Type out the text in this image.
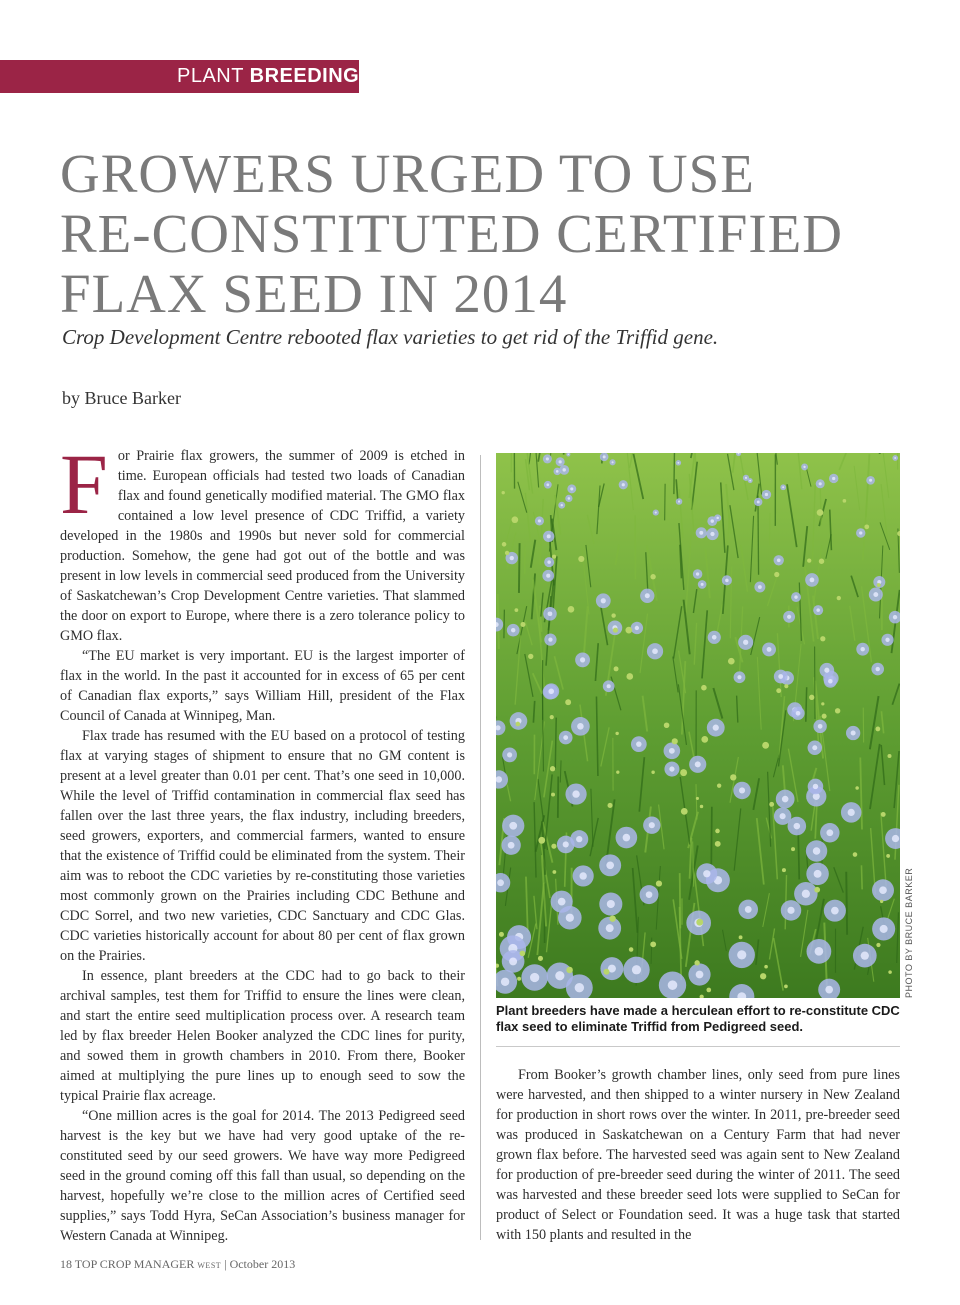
PLANT BREEDING
GROWERS URGED TO USE
RE-CONSTITUTED CERTIFIED
FLAX SEED IN 2014
Crop Development Centre rebooted flax varieties to get rid of the Triffid gene.
by Bruce Barker

F or Prairie flax growers, the summer of 2009 is etched in time. European officials had tested two loads of Canadian flax and found genetically modified material. The GMO flax contained a low level presence of CDC Triffid, a variety developed in the 1980s and 1990s but never sold for commercial production. Somehow, the gene had got out of the bottle and was present in low levels in commercial seed produced from the University of Saskatchewan’s Crop Development Centre varieties. That slammed the door on export to Europe, where there is a zero tolerance policy to GMO flax.

“The EU market is very important. EU is the largest importer of flax in the world. In the past it accounted for in excess of 65 per cent of Canadian flax exports,” says William Hill, president of the Flax Council of Canada at Winnipeg, Man.

Flax trade has resumed with the EU based on a protocol of testing flax at varying stages of shipment to ensure that no GM content is present at a level greater than 0.01 per cent. That’s one seed in 10,000. While the level of Triffid contamination in commercial flax seed has fallen over the last three years, the flax industry, including breeders, seed growers, exporters, and commercial farmers, wanted to ensure that the existence of Triffid could be eliminated from the system. Their aim was to reboot the CDC varieties by re-constituting those varieties most commonly grown on the Prairies including CDC Bethune and CDC Sorrel, and two new varieties, CDC Sanctuary and CDC Glas. CDC varieties historically account for about 80 per cent of flax grown on the Prairies.

In essence, plant breeders at the CDC had to go back to their archival samples, test them for Triffid to ensure the lines were clean, and start the entire seed multiplication process over. A research team led by flax breeder Helen Booker analyzed the CDC lines for purity, and sowed them in growth chambers in 2010. From there, Booker aimed at multiplying the pure lines up to enough seed to sow the typical Prairie flax acreage.

“One million acres is the goal for 2014. The 2013 Pedigreed seed harvest is the key but we have had very good uptake of the re-constituted seed by our seed growers. We have way more Pedigreed seed in the ground coming off this fall than usual, so depending on the harvest, hopefully we’re close to the million acres of Certified seed supplies,” says Todd Hyra, SeCan Association’s business manager for Western Canada at Winnipeg.

PHOTO BY BRUCE BARKER
Plant breeders have made a herculean effort to re-constitute CDC flax seed to eliminate Triffid from Pedigreed seed.

From Booker’s growth chamber lines, only seed from pure lines were harvested, and then shipped to a winter nursery in New Zealand for production in short rows over the winter. In 2011, pre-breeder seed was produced in Saskatchewan on a Century Farm that had never grown flax before. The harvested seed was again sent to New Zealand for production of pre-breeder seed during the winter of 2011. The seed was harvested and these breeder seed lots were supplied to SeCan for product of Select or Foundation seed. It was a huge task that started with 150 plants and resulted in the

18 TOP CROP MANAGER WEST | October 2013
